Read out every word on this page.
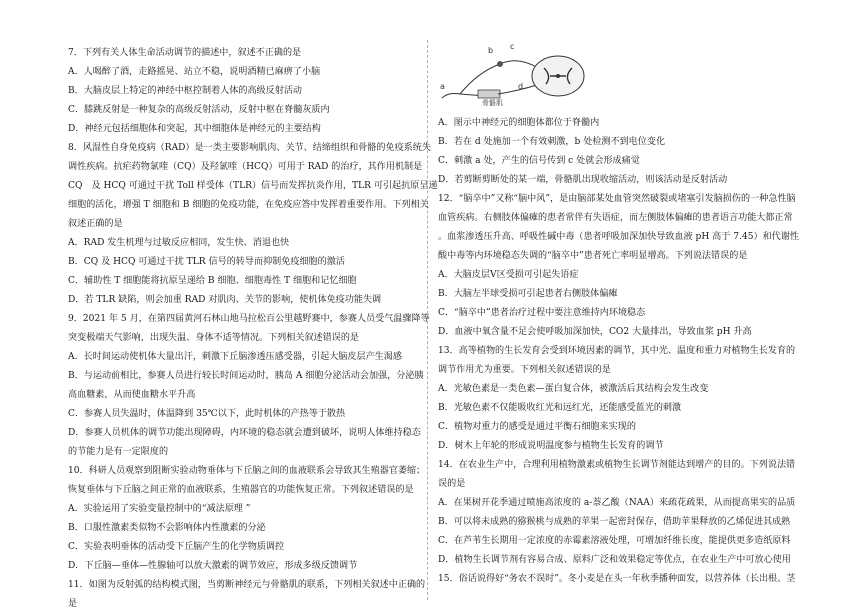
7．下列有关人体生命活动调节的描述中，叙述不正确的是

A．人喝醉了酒，走路摇晃、站立不稳，说明酒精已麻痹了小脑

B．大脑皮层上特定的神经中枢控制着人体的高级反射活动

C．膝跳反射是一种复杂的高级反射活动，反射中枢在脊髓灰质内

D．神经元包括细胞体和突起，其中细胞体是神经元的主要结构

8．风湿性自身免疫病（RAD）是一类主要影响肌肉、关节、结缔组织和骨骼的免疫系统失

调性疾病。抗疟药物氯喹（CQ）及羟氯喹（HCQ）可用于 RAD 的治疗，其作用机制是

CQ　及 HCQ 可通过干扰 Toll 样受体（TLR）信号而发挥抗炎作用，TLR 可引起抗原呈递

细胞的活化，增强 T 细胞和 B 细胞的免疫功能，在免疫应答中发挥着重要作用。下列相关

叙述正确的是

A．RAD 发生机理与过敏反应相同，发生快、消退也快

B．CQ 及 HCQ 可通过干扰 TLR 信号的转导而抑制免疫细胞的激活

C．辅助性 T 细胞能将抗原呈递给 B 细胞、细胞毒性 T 细胞和记忆细胞

D．若 TLR 缺陷，则会加重 RAD 对肌肉、关节的影响，使机体免疫功能失调

9．2021 年 5 月，在第四届黄河石林山地马拉松百公里越野赛中，参赛人员受气温骤降等

突变极端天气影响，出现失温、身体不适等情况。下列相关叙述错误的是

A．长时间运动使机体大量出汗，刺激下丘脑渗透压感受器，引起大脑皮层产生渴感

B．与运动前相比，参赛人员进行较长时间运动时，胰岛 A 细胞分泌活动会加强，分泌胰

高血糖素，从而使血糖水平升高

C．参赛人员失温时，体温降到 35℃以下，此时机体的产热等于散热

D．参赛人员机体的调节功能出现障碍，内环境的稳态就会遭到破坏，说明人体维持稳态

的节能力是有一定限度的

10．科研人员观察到阻断实验动物垂体与下丘脑之间的血液联系会导致其生殖器官萎缩；

恢复垂体与下丘脑之间正常的血液联系，生殖器官的功能恢复正常。下列叙述错误的是

A．实验运用了实验变量控制中的“减法原理 ”

B．口服性激素类似物不会影响体内性激素的分泌

C．实验表明垂体的活动受下丘脑产生的化学物质调控

D．下丘脑—垂体—性腺轴可以放大激素的调节效应，形成多级反馈调节

11．如图为反射弧的结构模式图，当剪断神经元与骨骼肌的联系，下列相关叙述中正确的

是

a
b c
d
骨骼肌

A．图示中神经元的细胞体都位于脊髓内

B．若在 d 处施加一个有效刺激，b 处检测不到电位变化

C．刺激 a 处，产生的信号传到 c 处就会形成痛觉

D．若剪断剪断处的某一端，骨骼肌出现收缩活动，则该活动是反射活动

12．“脑卒中”又称“脑中风”，是由脑部某处血管突然破裂或堵塞引发脑损伤的一种急性脑

血管疾病。右侧肢体偏瘫的患者常伴有失语症，而左侧肢体偏瘫的患者语言功能大都正常

。血浆渗透压升高、呼吸性碱中毒（患者呼吸加深加快导致血液 pH 高于 7.45）和代谢性

酸中毒等内环境稳态失调的“脑卒中”患者死亡率明显增高。下列说法错误的是

A．大脑皮层V区受损可引起失语症

B．大脑左半球受损可引起患者右侧肢体偏瘫

C．“脑卒中”患者治疗过程中要注意维持内环境稳态

D．血液中氧含量不足会使呼吸加深加快，CO2 大量排出，导致血浆 pH 升高

13．高等植物的生长发育会受到环境因素的调节，其中光、温度和重力对植物生长发育的

调节作用尤为重要。下列相关叙述错误的是

A．光敏色素是一类色素—蛋白复合体，被激活后其结构会发生改变

B．光敏色素不仅能吸收红光和远红光，还能感受蓝光的刺激

C．植物对重力的感受是通过平衡石细胞来实现的

D．树木上年轮的形成说明温度参与植物生长发育的调节

14．在农业生产中，合理利用植物激素或植物生长调节剂能达到增产的目的。下列说法错

误的是

A．在果树开花季通过喷施高浓度的 a-萘乙酸（NAA）来疏花疏果，从而提高果实的品质

B．可以将未成熟的猕猴桃与成熟的苹果一起密封保存，借助苹果释放的乙烯促进其成熟

C．在芦苇生长期用一定浓度的赤霉素溶液处理，可增加纤维长度，能提供更多造纸原料

D．植物生长调节剂有容易合成、原料广泛和效果稳定等优点，在农业生产中可放心使用

15．俗话说得好“务农不误时”。冬小麦是在头一年秋季播种面发，以营养体（长出根、茎
